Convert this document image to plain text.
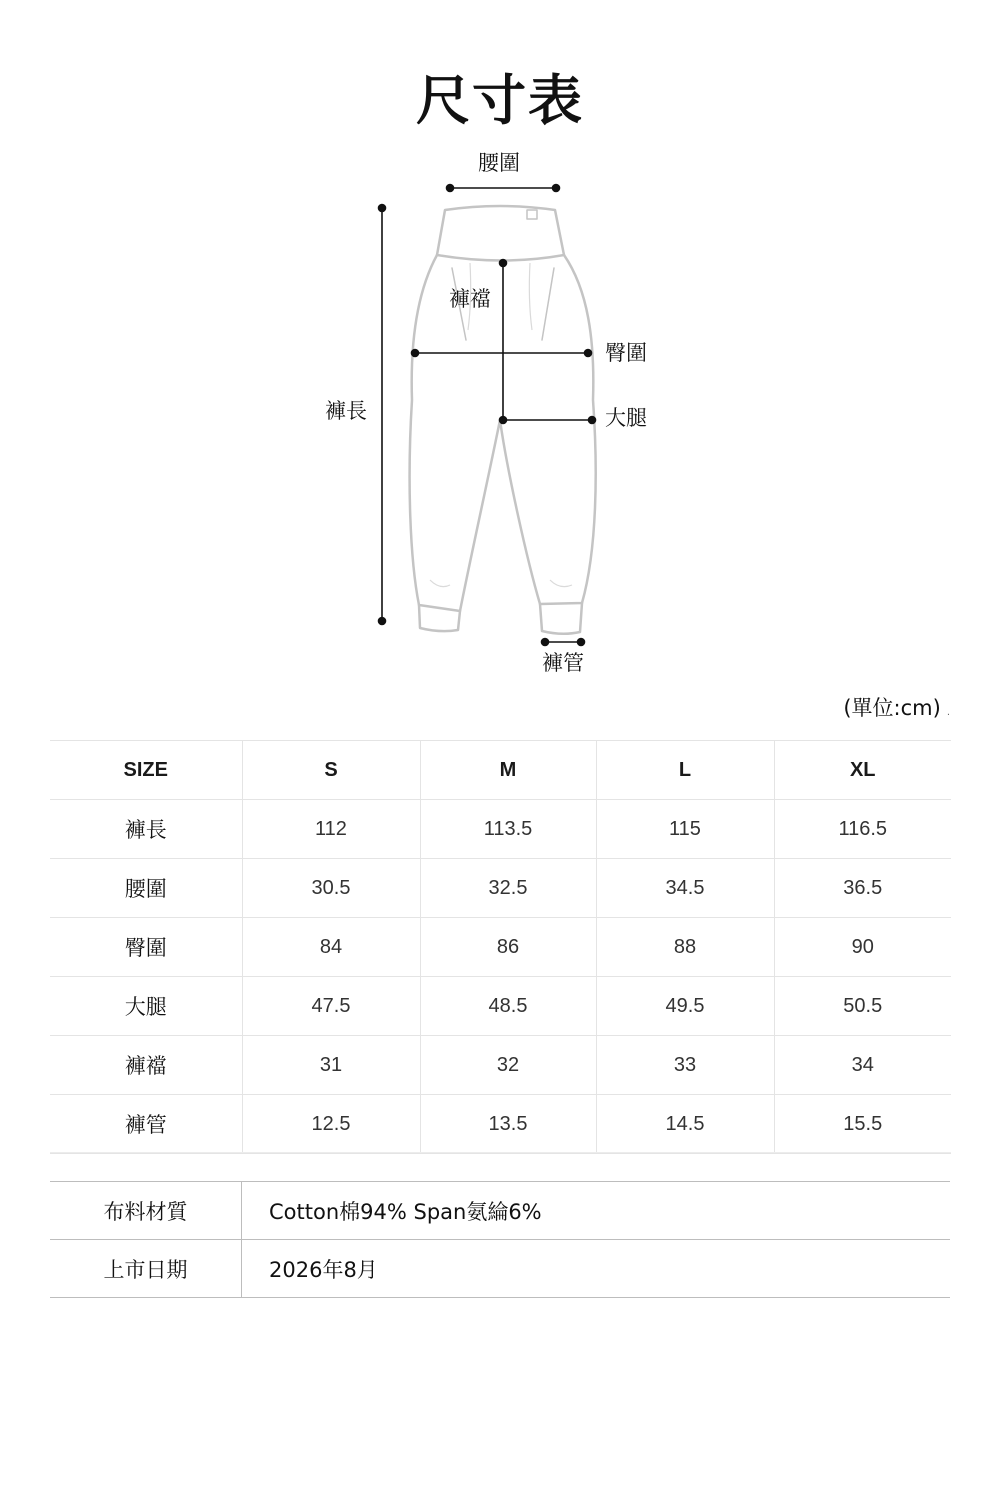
尺寸表
腰圍
褲襠
臀圍
大腿
褲長
褲管
(單位:cm) .
SIZE	S	M	L	XL
褲長	112	113.5	115	116.5
腰圍	30.5	32.5	34.5	36.5
臀圍	84	86	88	90
大腿	47.5	48.5	49.5	50.5
褲襠	31	32	33	34
褲管	12.5	13.5	14.5	15.5
布料材質	Cotton棉94% Span氨綸6%
上市日期	2026年8月
